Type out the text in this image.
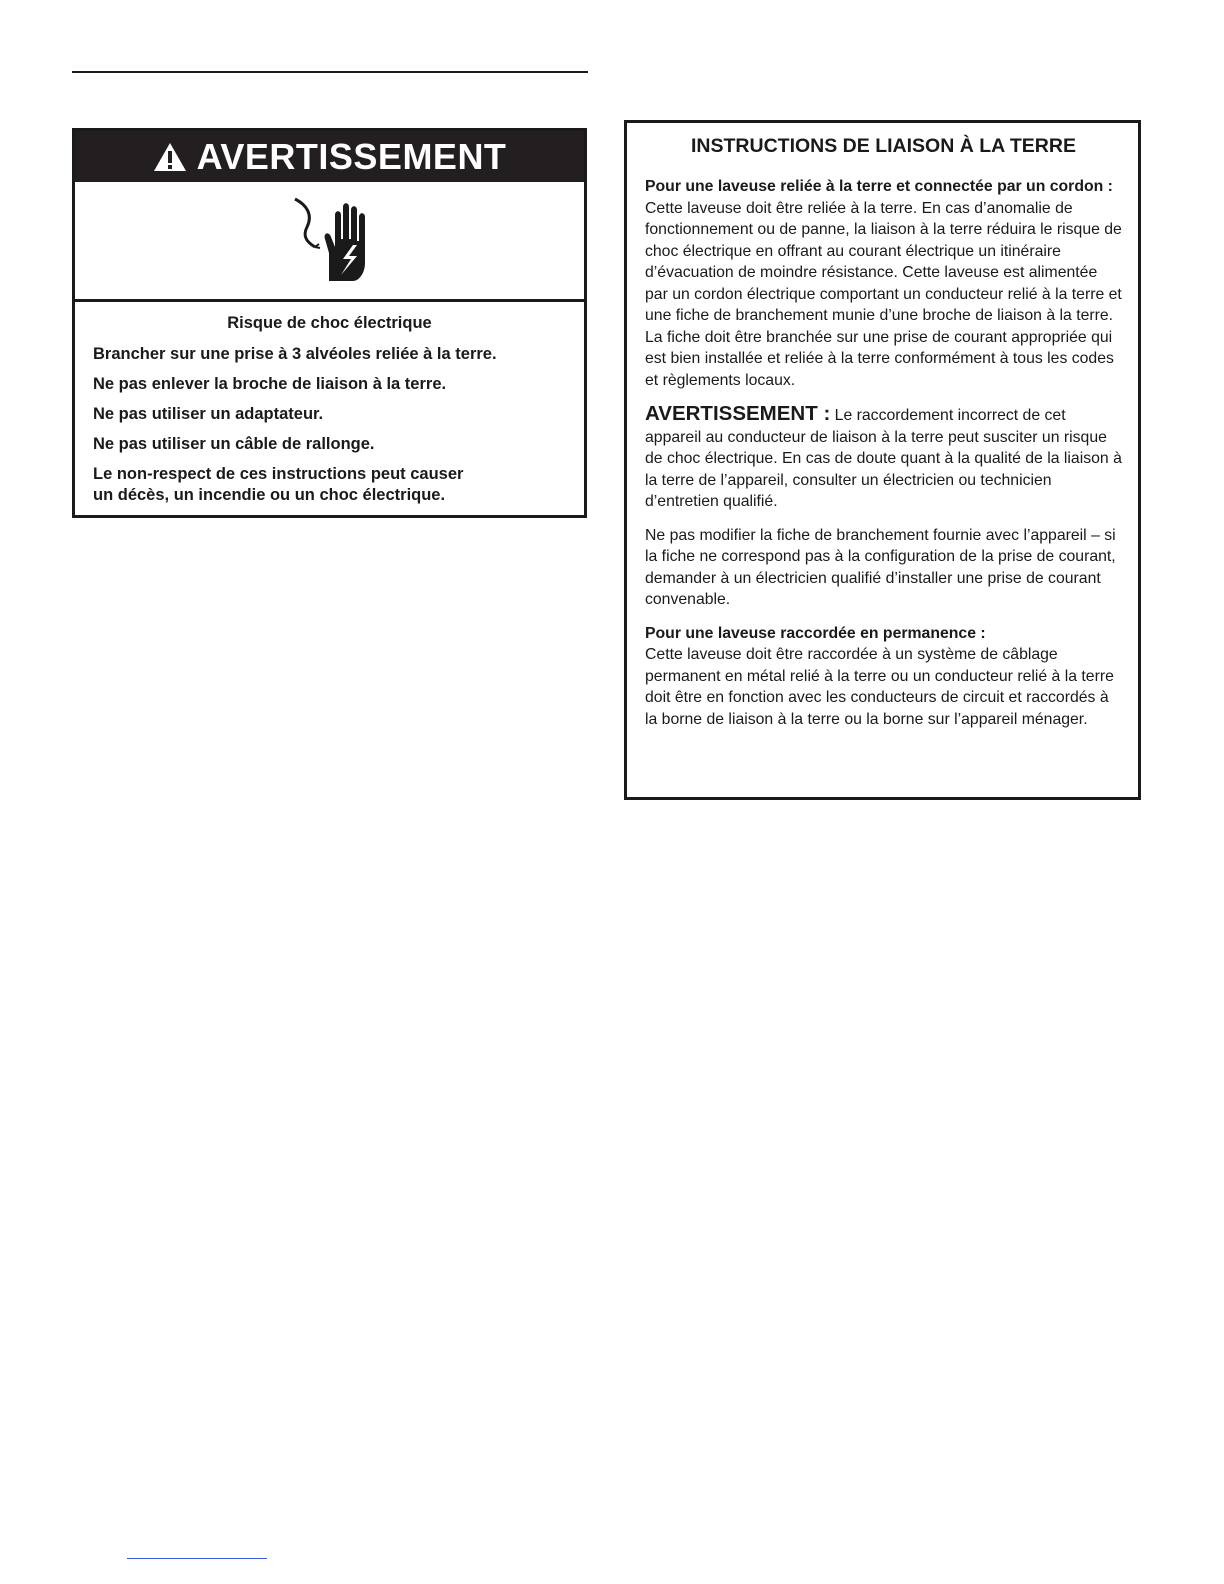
AVERTISSEMENT
Risque de choc électrique
Brancher sur une prise à 3 alvéoles reliée à la terre.
Ne pas enlever la broche de liaison à la terre.
Ne pas utiliser un adaptateur.
Ne pas utiliser un câble de rallonge.
Le non-respect de ces instructions peut causer
un décès, un incendie ou un choc électrique.
INSTRUCTIONS DE LIAISON À LA TERRE

Pour une laveuse reliée à la terre et connectée par un cordon :
Cette laveuse doit être reliée à la terre. En cas d’anomalie de fonctionnement ou de panne, la liaison à la terre réduira le risque de choc électrique en offrant au courant électrique un itinéraire d’évacuation de moindre résistance. Cette laveuse est alimentée par un cordon électrique comportant un conducteur relié à la terre et une fiche de branchement munie d’une broche de liaison à la terre. La fiche doit être branchée sur une prise de courant appropriée qui est bien installée et reliée à la terre conformément à tous les codes et règlements locaux.

AVERTISSEMENT : Le raccordement incorrect de cet appareil au conducteur de liaison à la terre peut susciter un risque de choc électrique. En cas de doute quant à la qualité de la liaison à la terre de l’appareil, consulter un électricien ou technicien d’entretien qualifié.

Ne pas modifier la fiche de branchement fournie avec l’appareil – si la fiche ne correspond pas à la configuration de la prise de courant, demander à un électricien qualifié d’installer une prise de courant convenable.

Pour une laveuse raccordée en permanence :
Cette laveuse doit être raccordée à un système de câblage permanent en métal relié à la terre ou un conducteur relié à la terre doit être en fonction avec les conducteurs de circuit et raccordés à la borne de liaison à la terre ou la borne sur l’appareil ménager.
